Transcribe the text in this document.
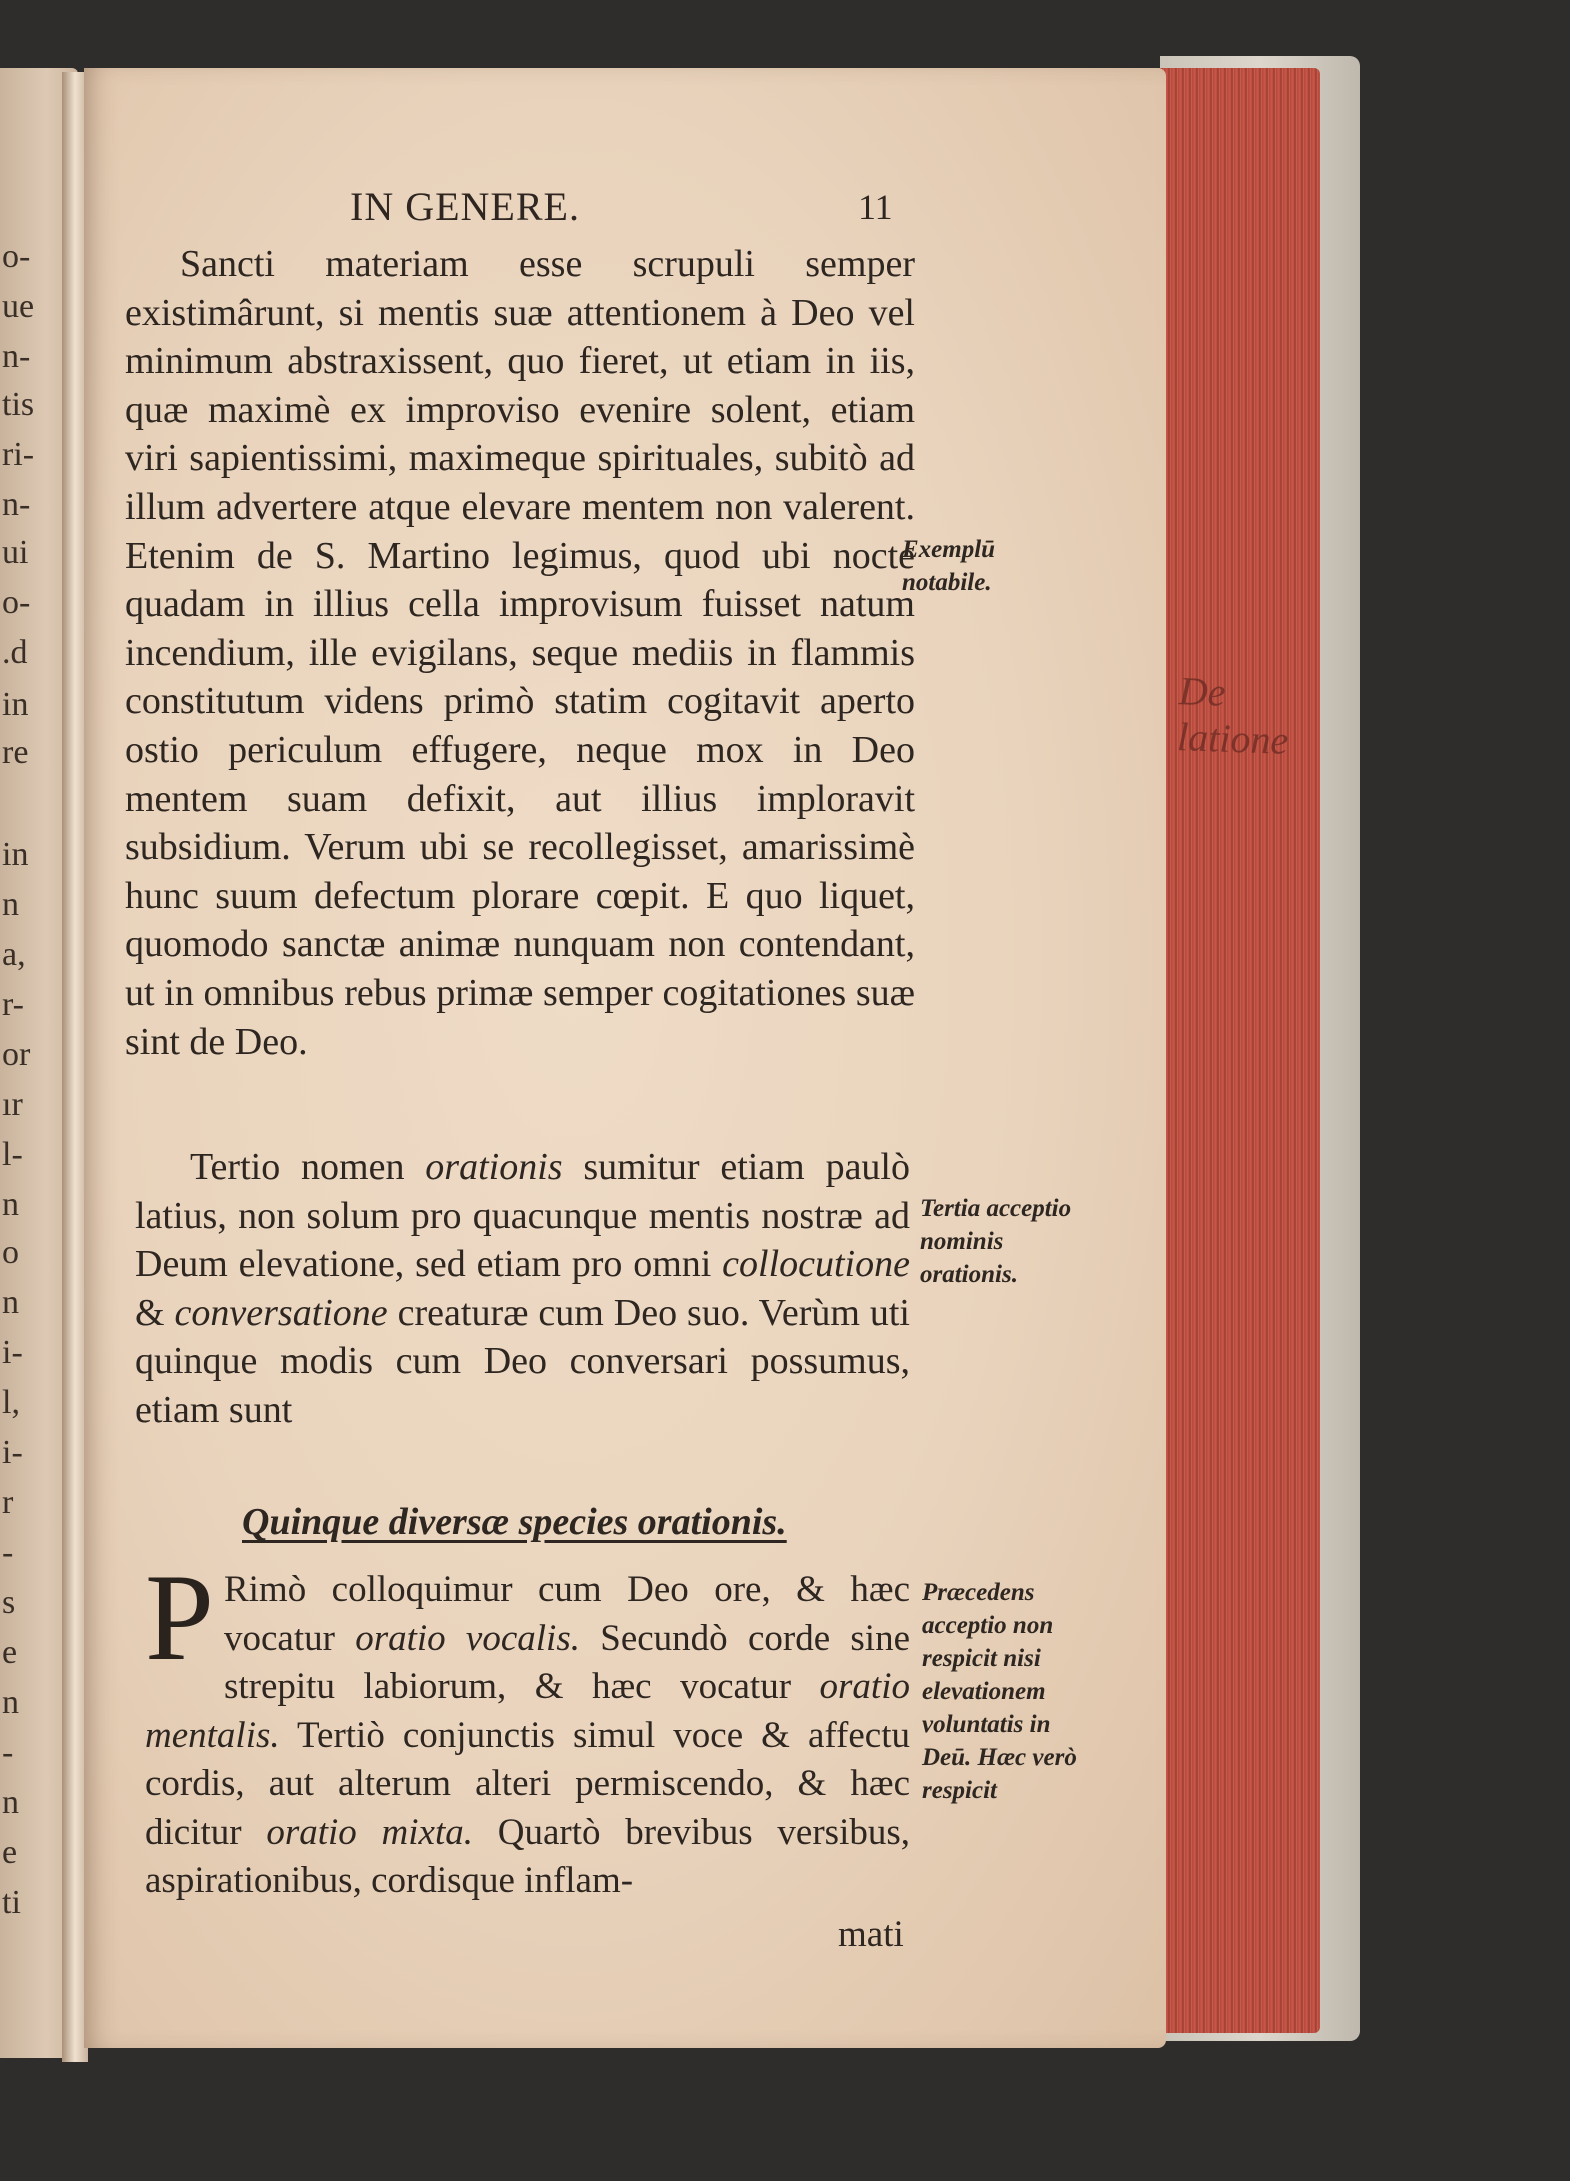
o-
ue
n-
tis
ri-
n-
ui
o-
.d
in
re
in
n
a,
r-
or
ır
l-
n
o
n
i-
l,
i-
r
-
s
e
n
-
n
e
ti
De
latione
IN GENERE.	11

Sancti materiam esse scrupuli semper existimârunt, si mentis suæ attentionem à Deo vel minimum abstraxissent, quo fieret, ut etiam in iis, quæ maximè ex improviso evenire solent, etiam viri sapientissimi, maximeque spirituales, subitò ad illum advertere atque elevare mentem non valerent. Etenim de S. Martino legimus, quod ubi nocte quadam in illius cella improvisum fuisset natum incendium, ille evigilans, seque mediis in flammis constitutum videns primò statim cogitavit aperto ostio periculum effugere, neque mox in Deo mentem suam defixit, aut illius imploravit subsidium. Verum ubi se recollegisset, amarissimè hunc suum defectum plorare cœpit. E quo liquet, quomodo sanctæ animæ nunquam non contendant, ut in omnibus rebus primæ semper cogitationes suæ sint de Deo.

Tertio nomen orationis sumitur etiam paulò latius, non solum pro quacunque mentis nostræ ad Deum elevatione, sed etiam pro omni collocutione & conversatione creaturæ cum Deo suo. Verùm uti quinque modis cum Deo conversari possumus, etiam sunt

Quinque diversæ species orationis.
P Rimò colloquimur cum Deo ore, & hæc vocatur oratio vocalis. Secundò corde sine strepitu labiorum, & hæc vocatur oratio mentalis. Tertiò conjunctis simul voce & affectu cordis, aut alterum alteri permiscendo, & hæc dicitur oratio mixta. Quartò brevibus versibus, aspirationibus, cordisque inflam-
mati
Exemplū notabile.
Tertia acceptio nominis orationis.
Præcedens acceptio non respicit nisi elevationem voluntatis in Deū. Hæc verò respicit
